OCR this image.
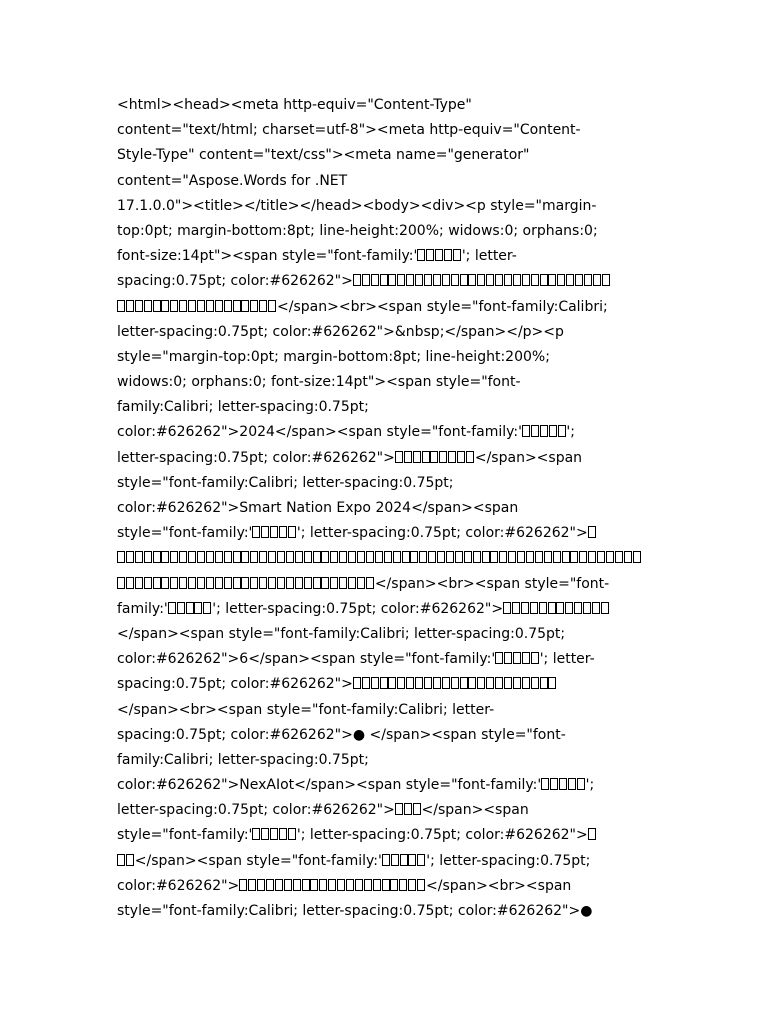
<html><head><meta http-equiv="Content-Type"
content="text/html; charset=utf-8"><meta http-equiv="Content-
Style-Type" content="text/css"><meta name="generator"
content="Aspose.Words for .NET
17.1.0.0"><title></title></head><body><div><p style="margin-
top:0pt; margin-bottom:8pt; line-height:200%; widows:0; orphans:0;
font-size:14pt"><span style="font-family:'	'; letter-
spacing:0.75pt; color:#626262">
</span><br><span style="font-family:Calibri;
letter-spacing:0.75pt; color:#626262">&nbsp;</span></p><p
style="margin-top:0pt; margin-bottom:8pt; line-height:200%;
widows:0; orphans:0; font-size:14pt"><span style="font-
family:Calibri; letter-spacing:0.75pt;
color:#626262">2024</span><span style="font-family:'	';
letter-spacing:0.75pt; color:#626262">	</span><span
style="font-family:Calibri; letter-spacing:0.75pt;
color:#626262">Smart Nation Expo 2024</span><span
style="font-family:'	'; letter-spacing:0.75pt; color:#626262">
</span><br><span style="font-
family:'	'; letter-spacing:0.75pt; color:#626262">
</span><span style="font-family:Calibri; letter-spacing:0.75pt;
color:#626262">6</span><span style="font-family:'	'; letter-
spacing:0.75pt; color:#626262">
</span><br><span style="font-family:Calibri; letter-
spacing:0.75pt; color:#626262">● </span><span style="font-
family:Calibri; letter-spacing:0.75pt;
color:#626262">NexAIot</span><span style="font-family:'	';
letter-spacing:0.75pt; color:#626262"> </span><span
style="font-family:'	'; letter-spacing:0.75pt; color:#626262">
</span><span style="font-family:'	'; letter-spacing:0.75pt;
color:#626262">	</span><br><span
style="font-family:Calibri; letter-spacing:0.75pt; color:#626262">●
